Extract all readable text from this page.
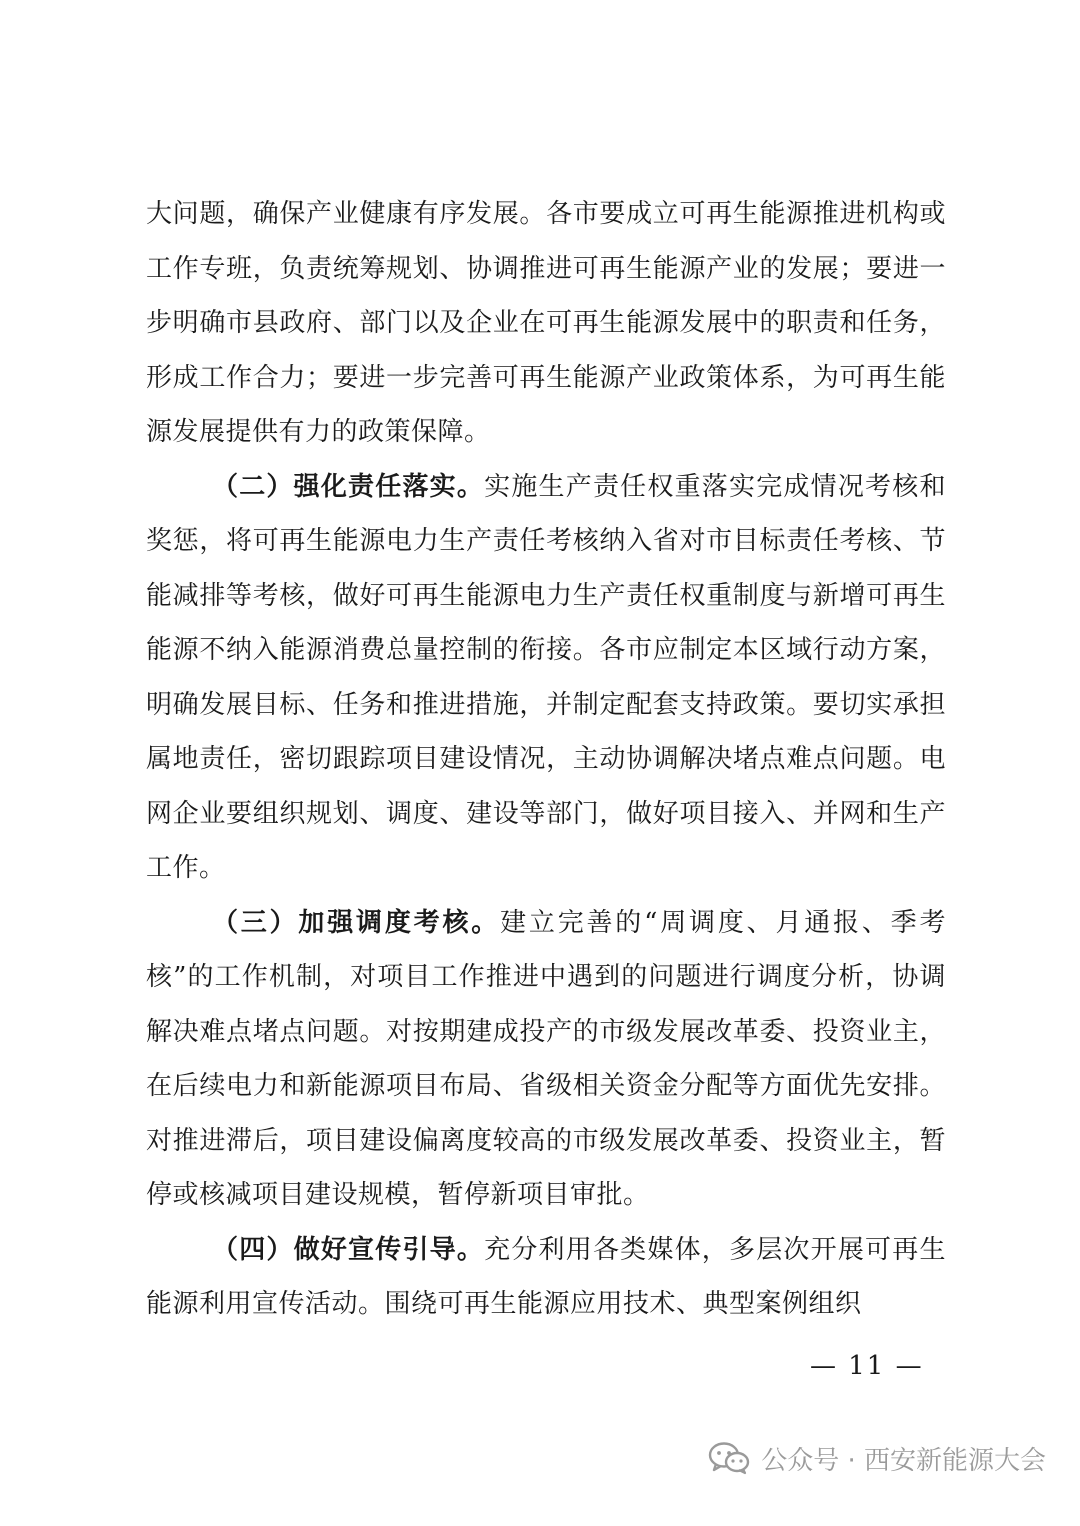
大问题，确保产业健康有序发展。各市要成立可再生能源推进机构或工作专班，负责统筹规划、协调推进可再生能源产业的发展；要进一步明确市县政府、部门以及企业在可再生能源发展中的职责和任务，形成工作合力；要进一步完善可再生能源产业政策体系，为可再生能源发展提供有力的政策保障。

（二）强化责任落实。实施生产责任权重落实完成情况考核和奖惩，将可再生能源电力生产责任考核纳入省对市目标责任考核、节能减排等考核，做好可再生能源电力生产责任权重制度与新增可再生能源不纳入能源消费总量控制的衔接。各市应制定本区域行动方案，明确发展目标、任务和推进措施，并制定配套支持政策。要切实承担属地责任，密切跟踪项目建设情况，主动协调解决堵点难点问题。电网企业要组织规划、调度、建设等部门，做好项目接入、并网和生产工作。

（三）加强调度考核。建立完善的“周调度、月通报、季考核”的工作机制，对项目工作推进中遇到的问题进行调度分析，协调解决难点堵点问题。对按期建成投产的市级发展改革委、投资业主，在后续电力和新能源项目布局、省级相关资金分配等方面优先安排。对推进滞后，项目建设偏离度较高的市级发展改革委、投资业主，暂停或核减项目建设规模，暂停新项目审批。

（四）做好宣传引导。充分利用各类媒体，多层次开展可再生能源利用宣传活动。围绕可再生能源应用技术、典型案例组织

— 11 —
公众号 · 西安新能源大会
